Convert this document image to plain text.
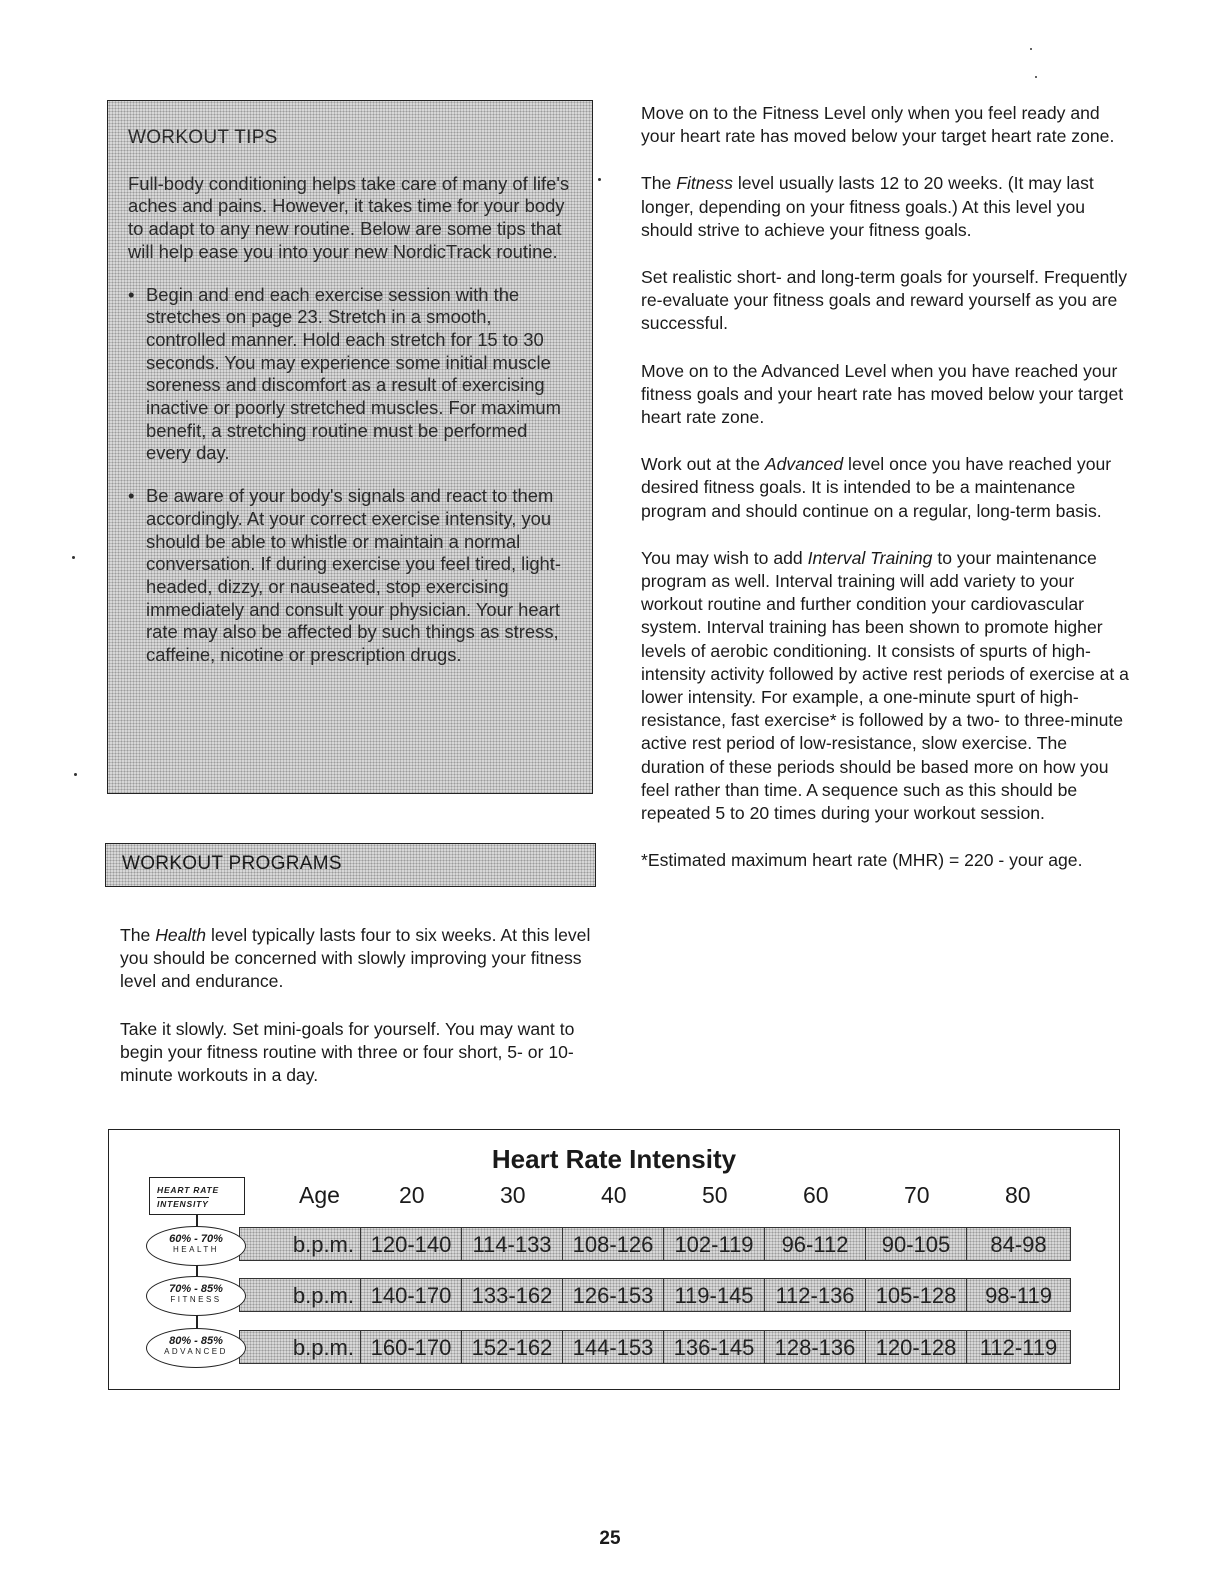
WORKOUT TIPS

Full-body conditioning helps take care of many of life's aches and pains. However, it takes time for your body to adapt to any new routine. Below are some tips that will help ease you into your new NordicTrack routine.

• Begin and end each exercise session with the stretches on page 23. Stretch in a smooth, controlled manner. Hold each stretch for 15 to 30 seconds. You may experience some initial muscle soreness and discomfort as a result of exercising inactive or poorly stretched muscles. For maximum benefit, a stretching routine must be performed every day.
• Be aware of your body's signals and react to them accordingly. At your correct exercise intensity, you should be able to whistle or maintain a normal conversation. If during exercise you feel tired, light-headed, dizzy, or nauseated, stop exercising immediately and consult your physician. Your heart rate may also be affected by such things as stress, caffeine, nicotine or prescription drugs.
WORKOUT PROGRAMS

The Health level typically lasts four to six weeks. At this level you should be concerned with slowly improving your fitness level and endurance.

Take it slowly. Set mini-goals for yourself. You may want to begin your fitness routine with three or four short, 5- or 10-minute workouts in a day.

Move on to the Fitness Level only when you feel ready and your heart rate has moved below your target heart rate zone.

The Fitness level usually lasts 12 to 20 weeks. (It may last longer, depending on your fitness goals.) At this level you should strive to achieve your fitness goals.

Set realistic short- and long-term goals for yourself. Frequently re-evaluate your fitness goals and reward yourself as you are successful.

Move on to the Advanced Level when you have reached your fitness goals and your heart rate has moved below your target heart rate zone.

Work out at the Advanced level once you have reached your desired fitness goals. It is intended to be a maintenance program and should continue on a regular, long-term basis.

You may wish to add Interval Training to your maintenance program as well. Interval training will add variety to your workout routine and further condition your cardiovascular system. Interval training has been shown to promote higher levels of aerobic conditioning. It consists of spurts of high-intensity activity followed by active rest periods of exercise at a lower intensity. For example, a one-minute spurt of high-resistance, fast exercise* is followed by a two- to three-minute active rest period of low-resistance, slow exercise. The duration of these periods should be based more on how you feel rather than time. A sequence such as this should be repeated 5 to 20 times during your workout session.

*Estimated maximum heart rate (MHR) = 220 - your age.

Heart Rate Intensity
HEART RATE
INTENSITY	Age	20	30	40	50	60	70	80
60% - 70%
HEALTH	b.p.m. 120-140 114-133 108-126 102-119	96-112	90-105	84-98
70% - 85%
FITNESS	b.p.m. 140-170 133-162 126-153 119-145 112-136 105-128	98-119
80% - 85%
ADVANCED	b.p.m. 160-170 152-162 144-153 136-145 128-136 120-128	112-119
25
